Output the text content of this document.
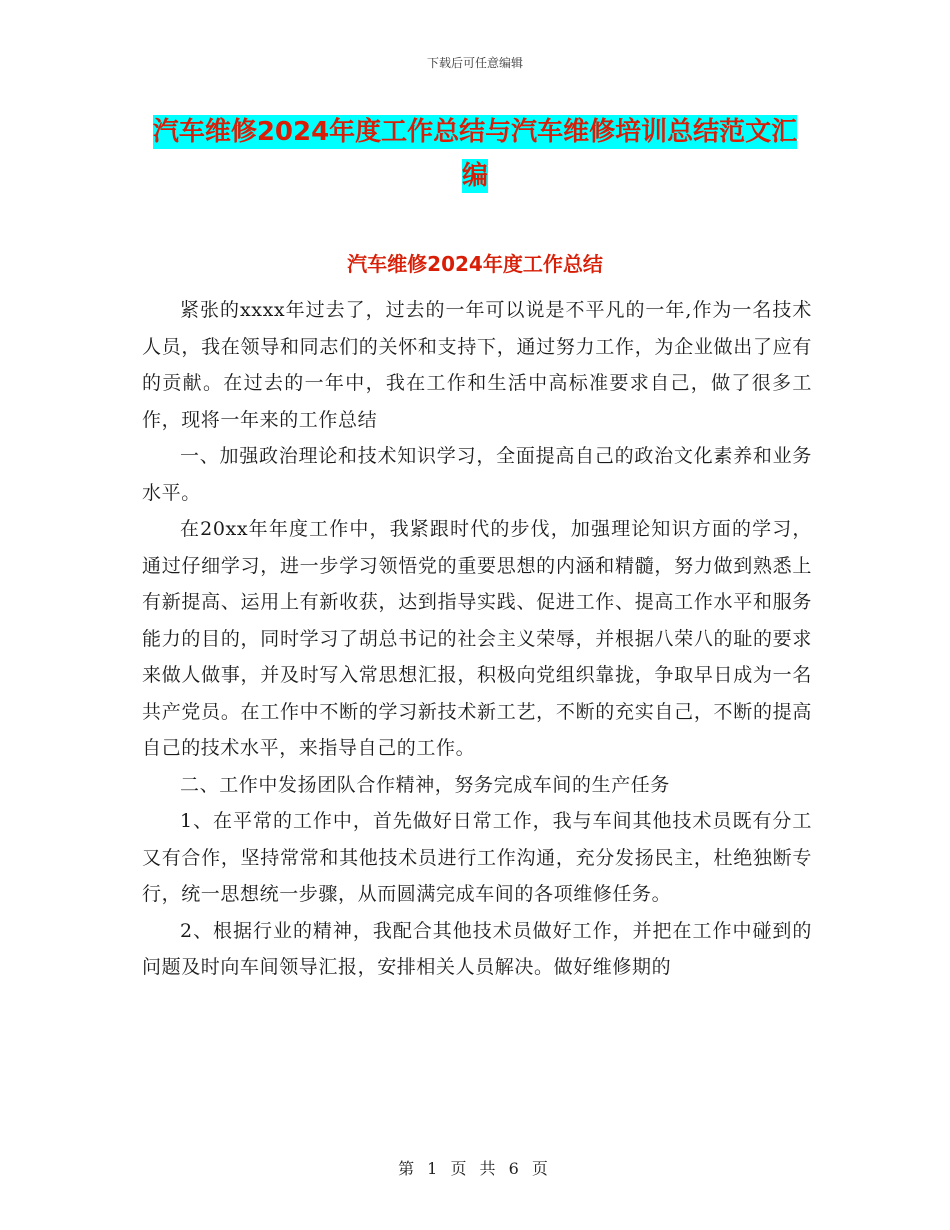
下载后可任意编辑
汽车维修2024年度工作总结与汽车维修培训总结范文汇编
汽车维修2024年度工作总结

紧张的xxxx年过去了，过去的一年可以说是不平凡的一年,作为一名技术人员，我在领导和同志们的关怀和支持下，通过努力工作，为企业做出了应有的贡献。在过去的一年中，我在工作和生活中高标准要求自己，做了很多工作，现将一年来的工作总结

一、加强政治理论和技术知识学习，全面提高自己的政治文化素养和业务水平。

在20xx年年度工作中，我紧跟时代的步伐，加强理论知识方面的学习，通过仔细学习，进一步学习领悟党的重要思想的内涵和精髓，努力做到熟悉上有新提高、运用上有新收获，达到指导实践、促进工作、提高工作水平和服务能力的目的，同时学习了胡总书记的社会主义荣辱，并根据八荣八的耻的要求来做人做事，并及时写入常思想汇报，积极向党组织靠拢，争取早日成为一名共产党员。在工作中不断的学习新技术新工艺，不断的充实自己，不断的提高自己的技术水平，来指导自己的工作。

二、工作中发扬团队合作精神，努务完成车间的生产任务

1、在平常的工作中，首先做好日常工作，我与车间其他技术员既有分工又有合作，坚持常常和其他技术员进行工作沟通，充分发扬民主，杜绝独断专行，统一思想统一步骤，从而圆满完成车间的各项维修任务。

2、根据行业的精神，我配合其他技术员做好工作，并把在工作中碰到的问题及时向车间领导汇报，安排相关人员解决。做好维修期的

第 1 页 共 6 页
